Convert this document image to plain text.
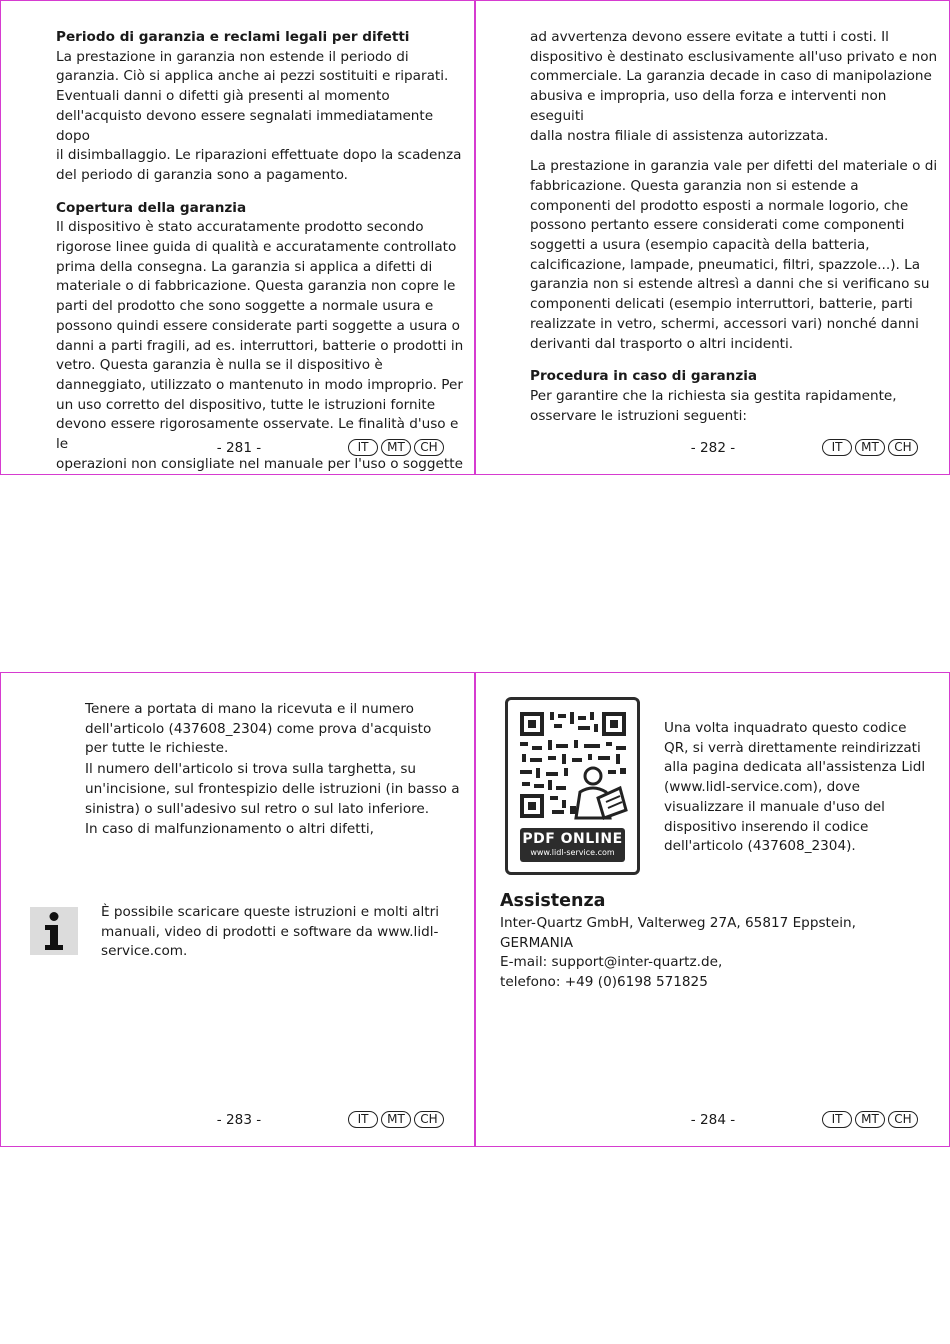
Periodo di garanzia e reclami legali per difetti

La prestazione in garanzia non estende il periodo di

garanzia. Ciò si applica anche ai pezzi sostituiti e riparati.

Eventuali danni o difetti già presenti al momento

dell'acquisto devono essere segnalati immediatamente dopo

il disimballaggio. Le riparazioni effettuate dopo la scadenza

del periodo di garanzia sono a pagamento.

Copertura della garanzia

Il dispositivo è stato accuratamente prodotto secondo

rigorose linee guida di qualità e accuratamente controllato

prima della consegna. La garanzia si applica a difetti di

materiale o di fabbricazione. Questa garanzia non copre le

parti del prodotto che sono soggette a normale usura e

possono quindi essere considerate parti soggette a usura o

danni a parti fragili, ad es. interruttori, batterie o prodotti in

vetro. Questa garanzia è nulla se il dispositivo è

danneggiato, utilizzato o mantenuto in modo improprio. Per

un uso corretto del dispositivo, tutte le istruzioni fornite

devono essere rigorosamente osservate. Le finalità d'uso e le

operazioni non consigliate nel manuale per l'uso o soggette

- 281 -	IT	MT	CH

ad avvertenza devono essere evitate a tutti i costi. Il

dispositivo è destinato esclusivamente all'uso privato e non

commerciale. La garanzia decade in caso di manipolazione

abusiva e impropria, uso della forza e interventi non eseguiti

dalla nostra filiale di assistenza autorizzata.

La prestazione in garanzia vale per difetti del materiale o di

fabbricazione. Questa garanzia non si estende a

componenti del prodotto esposti a normale logorio, che

possono pertanto essere considerati come componenti

soggetti a usura (esempio capacità della batteria,

calcificazione, lampade, pneumatici, filtri, spazzole...). La

garanzia non si estende altresì a danni che si verificano su

componenti delicati (esempio interruttori, batterie, parti

realizzate in vetro, schermi, accessori vari) nonché danni

derivanti dal trasporto o altri incidenti.

Procedura in caso di garanzia

Per garantire che la richiesta sia gestita rapidamente,

osservare le istruzioni seguenti:

- 282 -	IT	MT	CH

Tenere a portata di mano la ricevuta e il numero

dell'articolo (437608_2304) come prova d'acquisto

per tutte le richieste.

Il numero dell'articolo si trova sulla targhetta, su

un'incisione, sul frontespizio delle istruzioni (in basso a

sinistra) o sull'adesivo sul retro o sul lato inferiore.

In caso di malfunzionamento o altri difetti,

È possibile scaricare queste istruzioni e molti altri

manuali, video di prodotti e software da www.lidl-

service.com.

- 283 -	IT	MT	CH

Una volta inquadrato questo codice

QR, si verrà direttamente reindirizzati

alla pagina dedicata all'assistenza Lidl

(www.lidl-service.com), dove

visualizzare il manuale d'uso del

dispositivo inserendo il codice

dell'articolo (437608_2304).

Assistenza

Inter-Quartz GmbH, Valterweg 27A, 65817 Eppstein,

GERMANIA

E-mail: support@inter-quartz.de,

telefono: +49 (0)6198 571825

- 284 -	IT	MT	CH
PDF ONLINE
www.lidl-service.com
